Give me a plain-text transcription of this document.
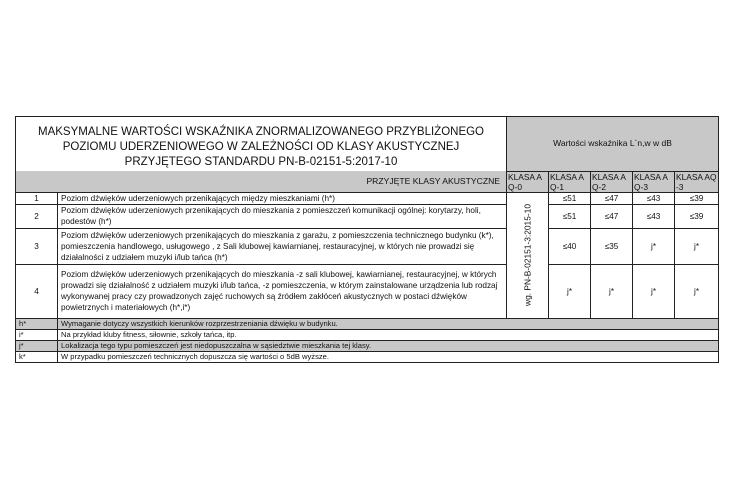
MAKSYMALNE WARTOŚCI WSKAŹNIKA ZNORMALIZOWANEGO PRZYBLIŻONEGO POZIOMU UDERZENIOWEGO W ZALEŻNOŚCI OD KLASY AKUSTYCZNEJ PRZYJĘTEGO STANDARDU PN-B-02151-5:2017-10		Wartości wskaźnika L`n,w w dB				

PRZYJĘTE KLASY AKUSTYCZNE		KLASA AQ-0	KLASA AQ-1	KLASA AQ-2	KLASA AQ-3	KLASA AQ-3
1	Poziom dźwięków uderzeniowych przenikających między mieszkaniami (h*)	wg. PN-B-02151-3:2015-10	≤51	≤47	≤43	≤39
2	Poziom dźwięków uderzeniowych przenikających do mieszkania z pomieszczeń komunikacji ogólnej: korytarzy, holi, podestów (h*)		≤51	≤47	≤43	≤39
3	Poziom dźwięków uderzeniowych przenikających do mieszkania z garażu, z pomieszczenia technicznego budynku (k*), pomieszczenia handlowego, usługowego , z Sali klubowej kawiarnianej, restauracyjnej, w których nie prowadzi się działalności z udziałem muzyki i/lub tańca (h*)		≤40	≤35	j*	j*
4	Poziom dźwięków uderzeniowych przenikających do mieszkania -z sali klubowej, kawiarnianej, restauracyjnej, w których prowadzi się działalność z udziałem muzyki i/lub tańca, -z pomieszczenia, w którym zainstalowane urządzenia lub rodzaj wykonywanej pracy czy prowadzonych zajęć ruchowych są źródłem zakłóceń akustycznych w postaci dźwięków powietrznych i materiałowych (h*,i*)		j*	j*	j*	j*
h*	Wymaganie dotyczy wszystkich kierunków rozprzestrzeniania dźwięku w budynku.					
i*	Na przykład kluby fitness, siłownie, szkoły tańca, itp.					
j*	Lokalizacja tego typu pomieszczeń jest niedopuszczalna w sąsiedztwie mieszkania tej klasy.					
k*	W przypadku pomieszczeń technicznych dopuszcza się wartości o 5dB wyższe.					
